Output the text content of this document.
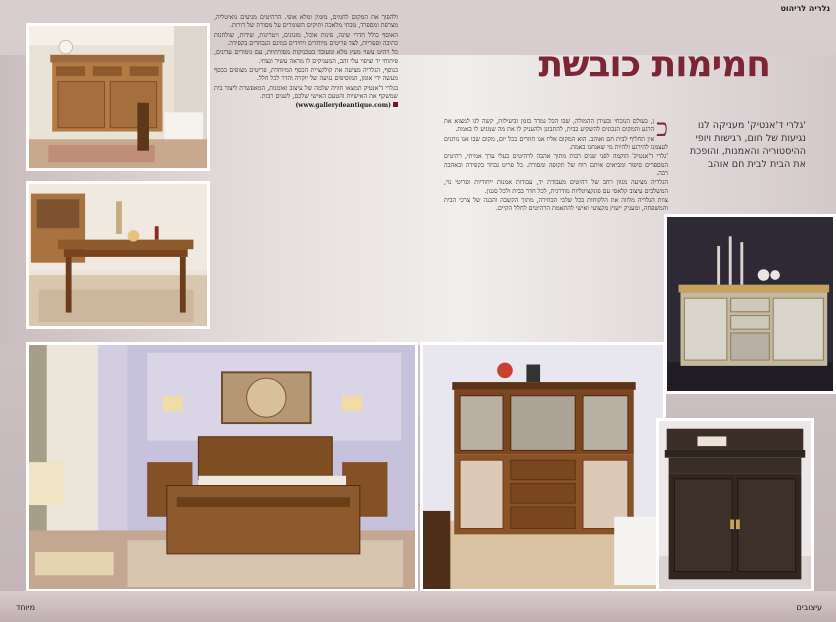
גלריה לריהוט
חמימות כובשת
'גלרי ד'אנטיק' מעניקה לנו נגיעות של חום, רגישות ויופי ההיסטוריה והאמנות, והופכת את הבית לבית חם אוהב
כ

ן, בעולם הנוכחי ובעידן ההמולה, שבו הכל נמדד בזמן וביעילות, קשה לנו למצוא את הרגע והמקום הנכונים להשקיע בבית, להתבונן ולהעניק לו את מה שמגיע לו באמת.

אין תחליף לבית חם ואוהב. הוא המקום אליו אנו חוזרים בכל יום, מקום שבו אנו נותנים לעצמנו להירגע ולהיות מי שאנחנו באמת.

'גלרי ד'אנטיק' הוקמה לפני שנים רבות מתוך אהבה לרהיטים בעלי ערך אמיתי, רהיטים המספרים סיפור ומביאים איתם רוח של תקופה ומסורת. כל פריט נבחר בקפידה ובאהבה רבה.

הגלריה מציעה מגוון רחב של רהיטים מעבודת יד, עבודות אמנות ייחודיות ופריטי נוי, המשלבים עיצוב קלאסי עם פונקציונליות מודרנית, לכל חדר בבית ולכל סגנון.

צוות הגלריה מלווה את הלקוחות בכל שלבי הבחירה, מתוך הקשבה והבנה של צרכי הבית והמשפחה, ומעניק ייעוץ מקצועי ואישי להתאמת הרהיטים לחלל הקיים.

ולהפוך את המקום לחמים, מזמין ומלא אופי. הרהיטים מגיעים מאיטליה, מצרפת ומספרד, מבתי מלאכה ותיקים השומרים על מסורת של דורות.

האוסף כולל חדרי שינה, פינות אוכל, מזנונים, ויטרינות, שידות, שולחנות כתיבה וספריות, לצד פריטים מיוחדים ויחידים במינם הנבחרים בקפידה.

כל רהיט עשוי מעץ מלא ומעובד בטכניקות מסורתיות, עם גימורים עדינים, פיתוחי יד וציפוי עלי זהב, המעניקים לו מראה עשיר ונצחי.

בנוסף, הגלריה מציעה את קולקציית הכסף המיוחדת, פריטים מצופים בכסף מעשה ידי אומן, המוסיפים נגיעה של יוקרה והדר לכל חלל.

בגלרי ד'אנטיק תמצאו חוויה שלמה של עיצוב ואומנות, המאפשרת ליצור בית שמשקף את האישיות והטעם האישי שלכם, לשנים רבות.

(www.gallerydeantique.com)

עיצובים
מיוחד
